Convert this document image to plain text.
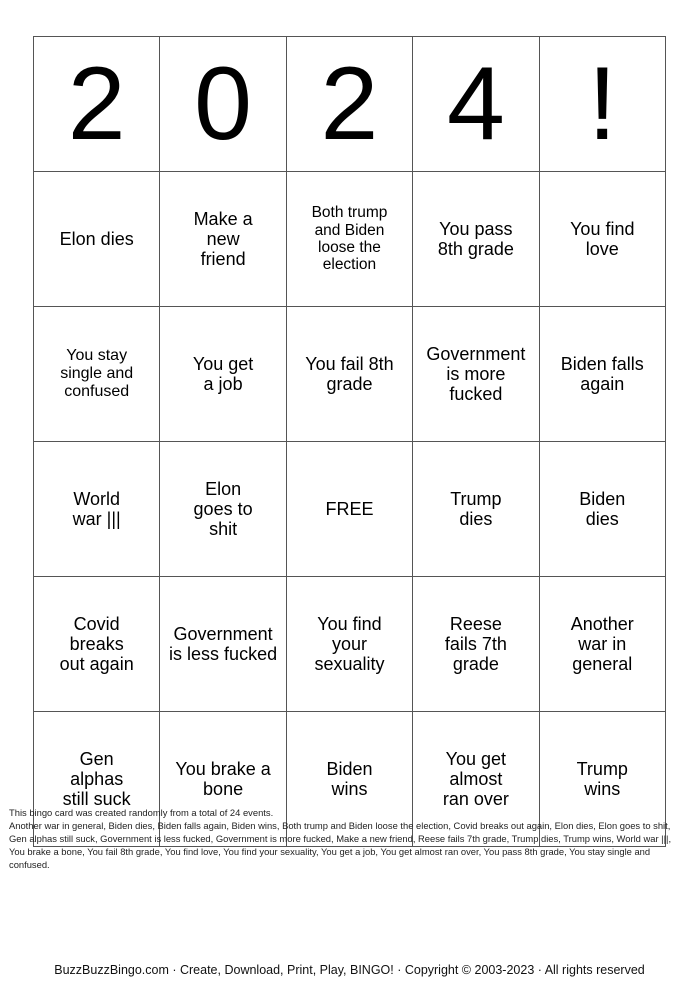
2	0	2	4	!

Elon dies	Make a new friend	Both trump and Biden loose the election	You pass 8th grade	You find love

You stay single and confused	You get a job	You fail 8th grade	Government is more fucked	Biden falls again

World war |||	Elon goes to shit	FREE	Trump dies	Biden dies

Covid breaks out again	Government is less fucked	You find your sexuality	Reese fails 7th grade	Another war in general

Gen alphas still suck	You brake a bone	Biden wins	You get almost ran over	Trump wins

This bingo card was created randomly from a total of 24 events.

Another war in general, Biden dies, Biden falls again, Biden wins, Both trump and Biden loose the election, Covid breaks out again, Elon dies, Elon goes to shit, Gen alphas still suck, Government is less fucked, Government is more fucked, Make a new friend, Reese fails 7th grade, Trump dies, Trump wins, World war |||, You brake a bone, You fail 8th grade, You find love, You find your sexuality, You get a job, You get almost ran over, You pass 8th grade, You stay single and confused.

BuzzBuzzBingo.com · Create, Download, Print, Play, BINGO! · Copyright © 2003-2023 · All rights reserved
